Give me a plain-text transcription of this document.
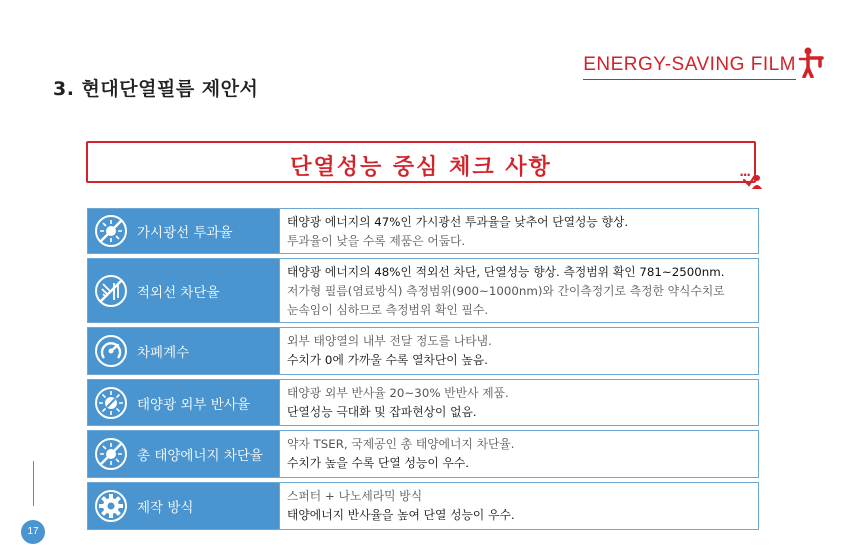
3. 현대단열필름 제안서
ENERGY-SAVING FILM
단열성능 중심 체크 사항	...
가시광선 투과율
태양광 에너지의 47%인 가시광선 투과율을 낮추어 단열성능 향상.
투과율이 낮을 수록 제품은 어둡다.
적외선 차단율
태양광 에너지의 48%인 적외선 차단, 단열성능 향상. 측정범위 확인 781~2500nm.
저가형 필름(염료방식) 측정범위(900~1000nm)와 간이측정기로 측정한 약식수치로
눈속임이 심하므로 측정범위 확인 필수.
차폐계수
외부 태양열의 내부 전달 정도를 나타냄.
수치가 0에 가까울 수록 열차단이 높음.
태양광 외부 반사율
태양광 외부 반사율 20~30% 반반사 제품.
단열성능 극대화 및 잡파현상이 없음.
총 태양에너지 차단율
약자 TSER, 국제공인 총 태양에너지 차단율.
수치가 높을 수록 단열 성능이 우수.
제작 방식
스퍼터 + 나노세라믹 방식
태양에너지 반사율을 높여 단열 성능이 우수.
17
